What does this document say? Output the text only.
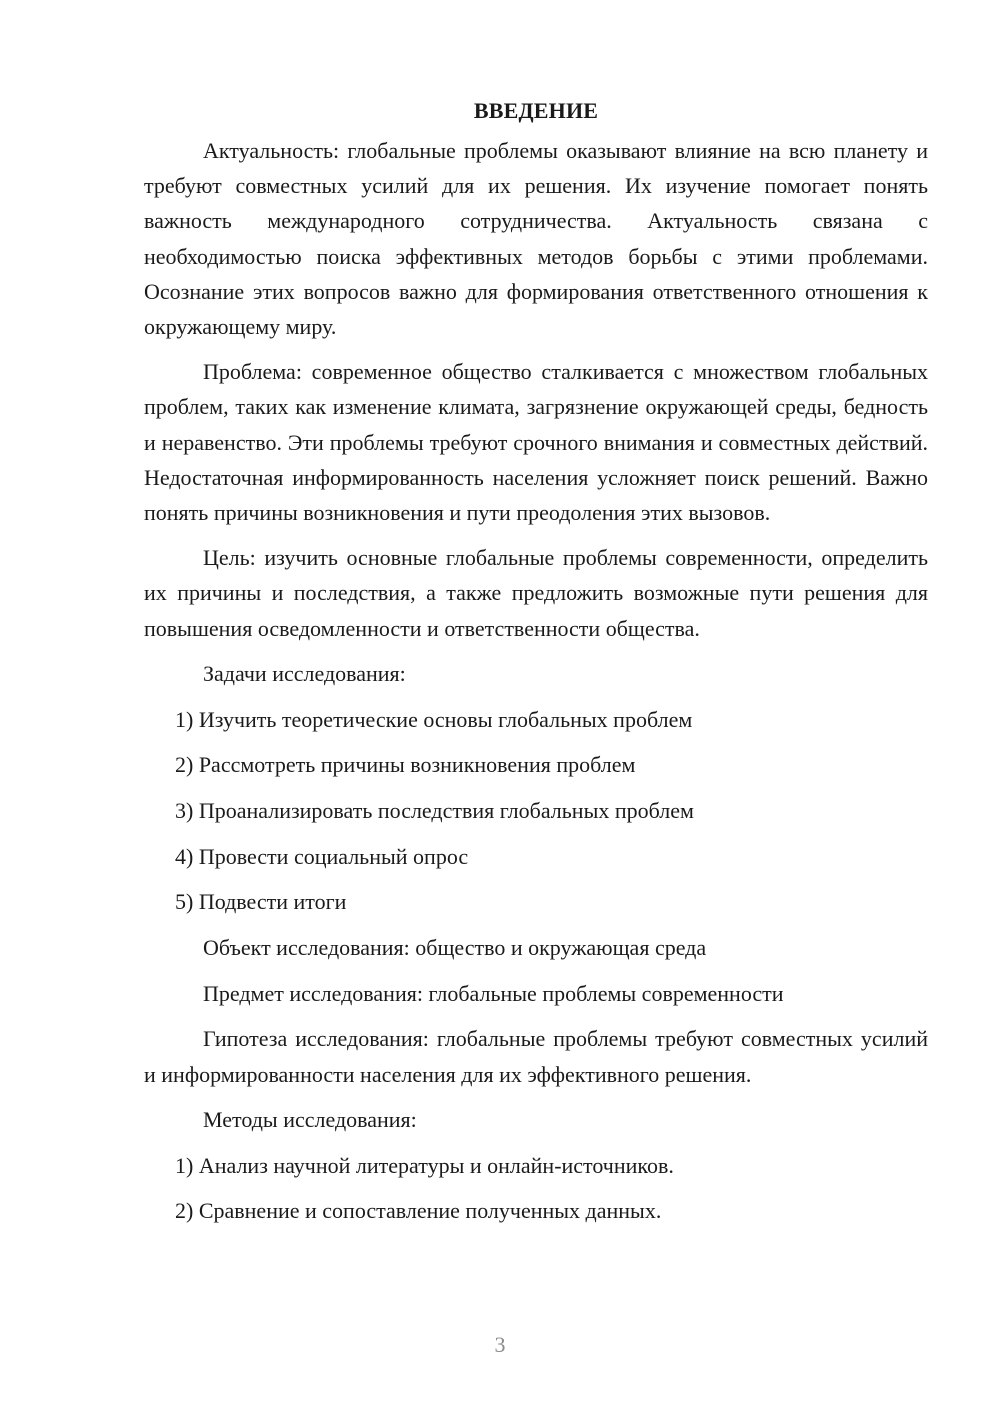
ВВЕДЕНИЕ

Актуальность: глобальные проблемы оказывают влияние на всю планету и требуют совместных усилий для их решения. Их изучение помогает понять важность международного сотрудничества. Актуальность связана с необходимостью поиска эффективных методов борьбы с этими проблемами. Осознание этих вопросов важно для формирования ответственного отношения к окружающему миру.

Проблема: современное общество сталкивается с множеством глобальных проблем, таких как изменение климата, загрязнение окружающей среды, бедность и неравенство. Эти проблемы требуют срочного внимания и совместных действий. Недостаточная информированность населения усложняет поиск решений. Важно понять причины возникновения и пути преодоления этих вызовов.

Цель: изучить основные глобальные проблемы современности, определить их причины и последствия, а также предложить возможные пути решения для повышения осведомленности и ответственности общества.

Задачи исследования:
1) Изучить теоретические основы глобальных проблем
2) Рассмотреть причины возникновения проблем
3) Проанализировать последствия глобальных проблем
4) Провести социальный опрос
5) Подвести итоги
Объект исследования: общество и окружающая среда
Предмет исследования: глобальные проблемы современности

Гипотеза исследования: глобальные проблемы требуют совместных усилий и информированности населения для их эффективного решения.

Методы исследования:
1) Анализ научной литературы и онлайн-источников.
2) Сравнение и сопоставление полученных данных.
3
